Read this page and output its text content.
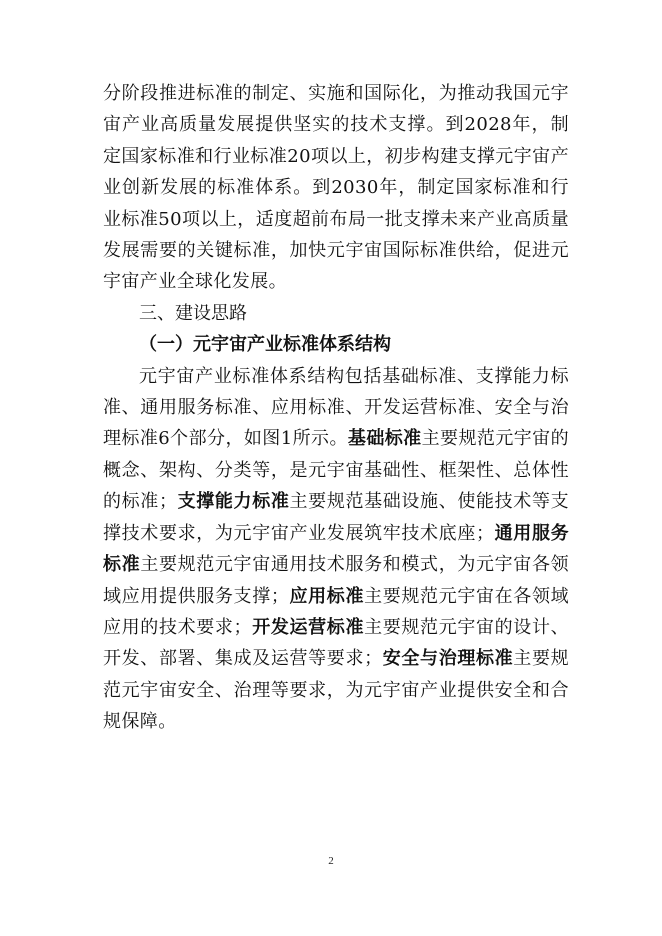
分阶段推进标准的制定、实施和国际化，为推动我国元宇宙产业高质量发展提供坚实的技术支撑。到2028年，制定国家标准和行业标准20项以上，初步构建支撑元宇宙产业创新发展的标准体系。到2030年，制定国家标准和行业标准50项以上，适度超前布局一批支撑未来产业高质量发展需要的关键标准，加快元宇宙国际标准供给，促进元宇宙产业全球化发展。

三、建设思路

（一）元宇宙产业标准体系结构

元宇宙产业标准体系结构包括基础标准、支撑能力标准、通用服务标准、应用标准、开发运营标准、安全与治理标准6个部分，如图1所示。基础标准主要规范元宇宙的概念、架构、分类等，是元宇宙基础性、框架性、总体性的标准；支撑能力标准主要规范基础设施、使能技术等支撑技术要求，为元宇宙产业发展筑牢技术底座；通用服务标准主要规范元宇宙通用技术服务和模式，为元宇宙各领域应用提供服务支撑；应用标准主要规范元宇宙在各领域应用的技术要求；开发运营标准主要规范元宇宙的设计、开发、部署、集成及运营等要求；安全与治理标准主要规范元宇宙安全、治理等要求，为元宇宙产业提供安全和合规保障。

2
